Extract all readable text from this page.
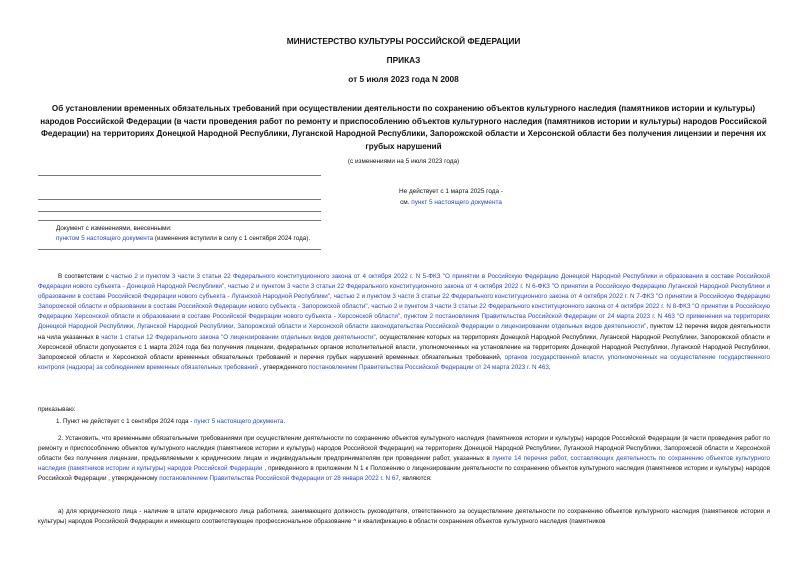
МИНИСТЕРСТВО КУЛЬТУРЫ РОССИЙСКОЙ ФЕДЕРАЦИИ
ПРИКАЗ
от 5 июля 2023 года N 2008
Об установлении временных обязательных требований при осуществлении деятельности по сохранению объектов культурного наследия (памятников истории и культуры) народов Российской Федерации (в части проведения работ по ремонту и приспособлению объектов культурного наследия (памятников истории и культуры) народов Российской Федерации) на территориях Донецкой Народной Республики, Луганской Народной Республики, Запорожской области и Херсонской области без получения лицензии и перечня их грубых нарушений
(с изменениями на 5 июля 2023 года)
Не действует с 1 марта 2025 года -
см. пункт 5 настоящего документа
Документ с изменениями, внесенными:
пунктом 5 настоящего документа (изменения вступили в силу с 1 сентября 2024 года).
В соответствии с частью 2 и пунктом 3 части 3 статьи 22 Федерального конституционного закона от 4 октября 2022 г. N 5-ФКЗ "О принятии в Российскую Федерацию Донецкой Народной Республики и образовании в составе Российской Федерации нового субъекта - Донецкой Народной Республики", частью 2 и пунктом 3 части 3 статьи 22 Федерального конституционного закона от 4 октября 2022 г. N 6-ФКЗ "О принятии в Российскую Федерацию Луганской Народной Республики и образовании в составе Российской Федерации нового субъекта - Луганской Народной Республики", частью 2 и пунктом 3 части 3 статьи 22 Федерального конституционного закона от 4 октября 2022 г. N 7-ФКЗ "О принятии в Российскую Федерацию Запорожской области и образовании в составе Российской Федерации нового субъекта - Запорожской области", частью 2 и пунктом 3 части 3 статьи 22 Федерального конституционного закона от 4 октября 2022 г. N 8-ФКЗ "О принятии в Российскую Федерацию Херсонской области и образовании в составе Российской Федерации нового субъекта - Херсонской области", пунктом 2 постановления Правительства Российской Федерации от 24 марта 2023 г. N 463 "О применении на территориях Донецкой Народной Республики, Луганской Народной Республики, Запорожской области и Херсонской области законодательства Российской Федерации о лицензировании отдельных видов деятельности", пунктом 12 перечня видов деятельности на чила указанных в части 1 статьи 12 Федерального закона "О лицензировании отдельных видов деятельности", осуществление которых на территориях Донецкой Народной Республики, Луганской Народной Республики, Запорожской области и Херсонской области допускается с 1 марта 2024 года без получения лицензии, федеральных органов исполнительной власти, уполномоченных на установление на территориях Донецкой Народной Республики, Луганской Народной Республики, Запорожской области и Херсонской области временных обязательных требований и перечня грубых нарушений временных обязательных требований, органов государственной власти, уполномоченных на осуществление государственного контроля (надзора) за соблюдением временных обязательных требований , утвержденного постановлением Правительства Российской Федерации от 24 марта 2023 г. N 463,
приказываю:
1. Пункт не действует с 1 сентября 2024 года - пункт 5 настоящего документа.
2. Установить, что временными обязательными требованиями при осуществлении деятельности по сохранению объектов культурного наследия (памятников истории и культуры) народов Российской Федерации (в части проведения работ по ремонту и приспособлению объектов культурного наследия (памятников истории и культуры) народов Российской Федерации) на территориях Донецкой Народной Республики, Луганской Народной Республики, Запорожской области и Херсонской области без получения лицензии, предъявляемыми к юридическим лицам и индивидуальным предпринимателям при проведении работ, указанных в пункте 14 перечня работ, составляющих деятельность по сохранению объектов культурного наследия (памятников истории и культуры) народов Российской Федерации , приведенного в приложении N 1 к Положению о лицензировании деятельности по сохранению объектов культурного наследия (памятников истории и культуры) народов Российской Федерации , утвержденному постановлением Правительства Российской Федерации от 28 января 2022 г. N 67, являются:
а) для юридического лица - наличие в штате юридического лица работника, занимающего должность руководителя, ответственного за осуществление деятельности по сохранению объектов культурного наследия (памятников истории и культуры) народов Российской Федерации и имеющего соответствующее профессиональное образование ^ и квалификацию в области сохранения объектов культурного наследия (памятников
